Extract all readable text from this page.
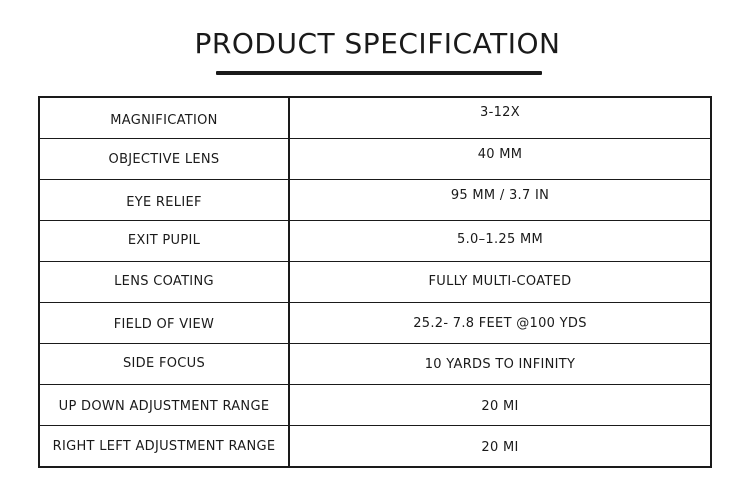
PRODUCT SPECIFICATION
MAGNIFICATION	3-12X
OBJECTIVE LENS	40 MM
EYE RELIEF	95 MM / 3.7 IN
EXIT PUPIL	5.0–1.25 MM
LENS COATING	FULLY MULTI-COATED
FIELD OF VIEW	25.2- 7.8 FEET @100 YDS
SIDE FOCUS	10 YARDS TO INFINITY
UP DOWN ADJUSTMENT RANGE	20 MI
RIGHT LEFT ADJUSTMENT RANGE	20 MI
